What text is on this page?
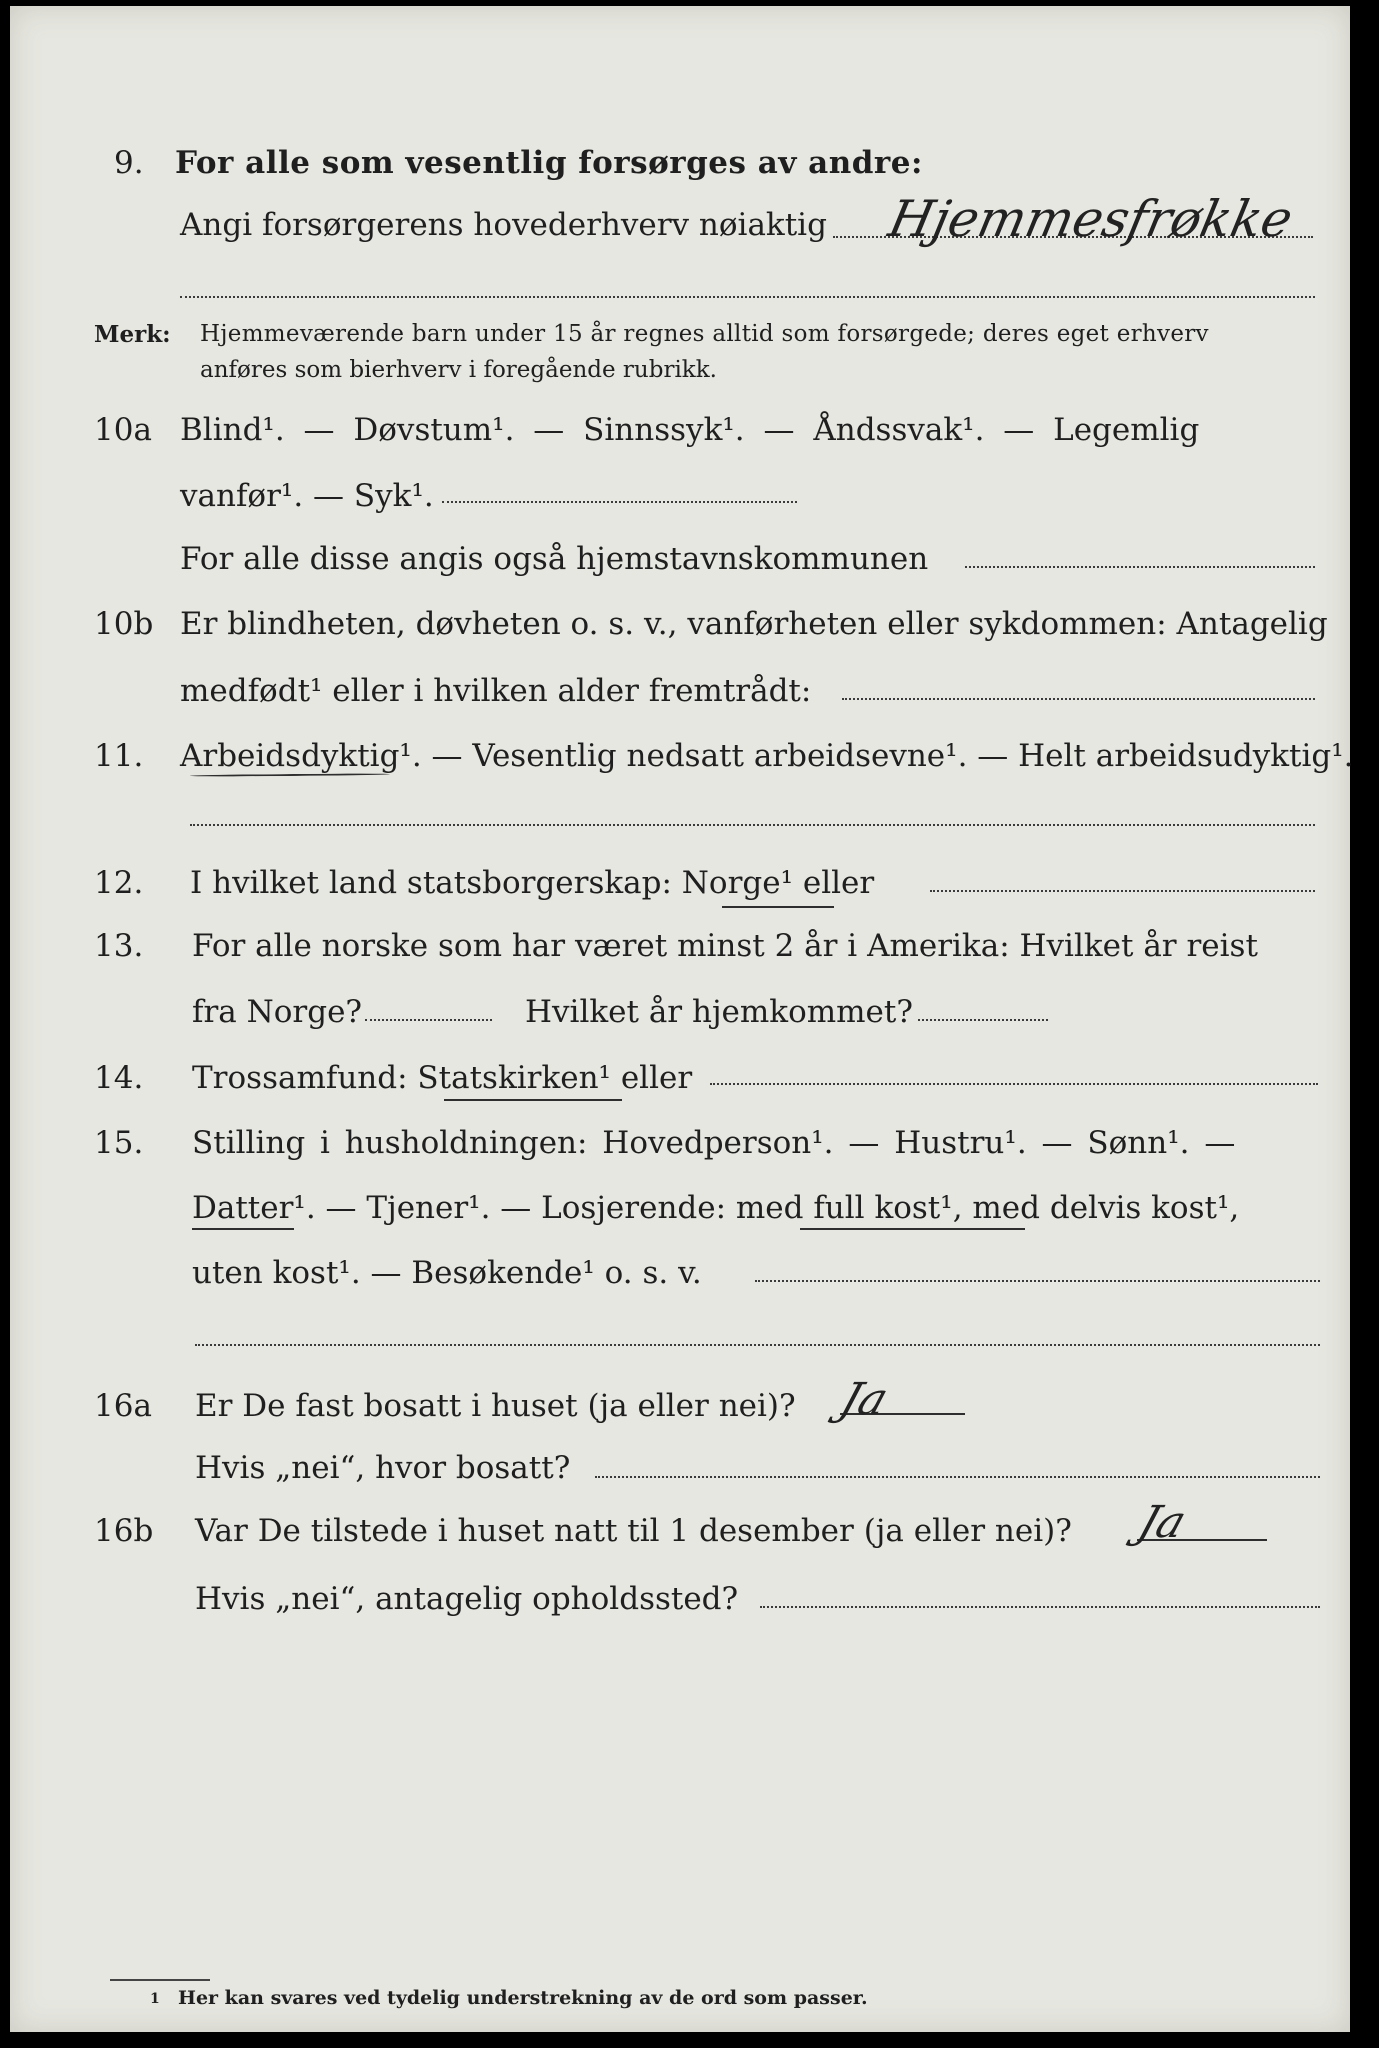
9. For alle som vesentlig forsørges av andre:

Angi forsørgerens hovederhverv nøiaktig Hjemmesfrøkke

Merk: Hjemmeværende barn under 15 år regnes alltid som forsørgede; deres eget erhverv

anføres som bierhverv i foregående rubrikk.

10a Blind¹. — Døvstum¹. — Sinnssyk¹. — Åndssvak¹. — Legemlig

vanfør¹. — Syk¹.

For alle disse angis også hjemstavnskommunen

10b Er blindheten, døvheten o. s. v., vanførheten eller sykdommen: Antagelig

medfødt¹ eller i hvilken alder fremtrådt:

11. Arbeidsdyktig¹. — Vesentlig nedsatt arbeidsevne¹. — Helt arbeidsudyktig¹.

12. I hvilket land statsborgerskap: Norge¹ eller

13. For alle norske som har været minst 2 år i Amerika: Hvilket år reist

fra Norge?	Hvilket år hjemkommet?

14. Trossamfund: Statskirken¹ eller

15. Stilling i husholdningen: Hovedperson¹. — Hustru¹. — Sønn¹. —

Datter¹. — Tjener¹. — Losjerende: med full kost¹, med delvis kost¹,

uten kost¹. — Besøkende¹ o. s. v.

16a Er De fast bosatt i huset (ja eller nei)? Ja

Hvis „nei“, hvor bosatt?

16b Var De tilstede i huset natt til 1 desember (ja eller nei)? Ja

Hvis „nei“, antagelig opholdssted?

1 Her kan svares ved tydelig understrekning av de ord som passer.
